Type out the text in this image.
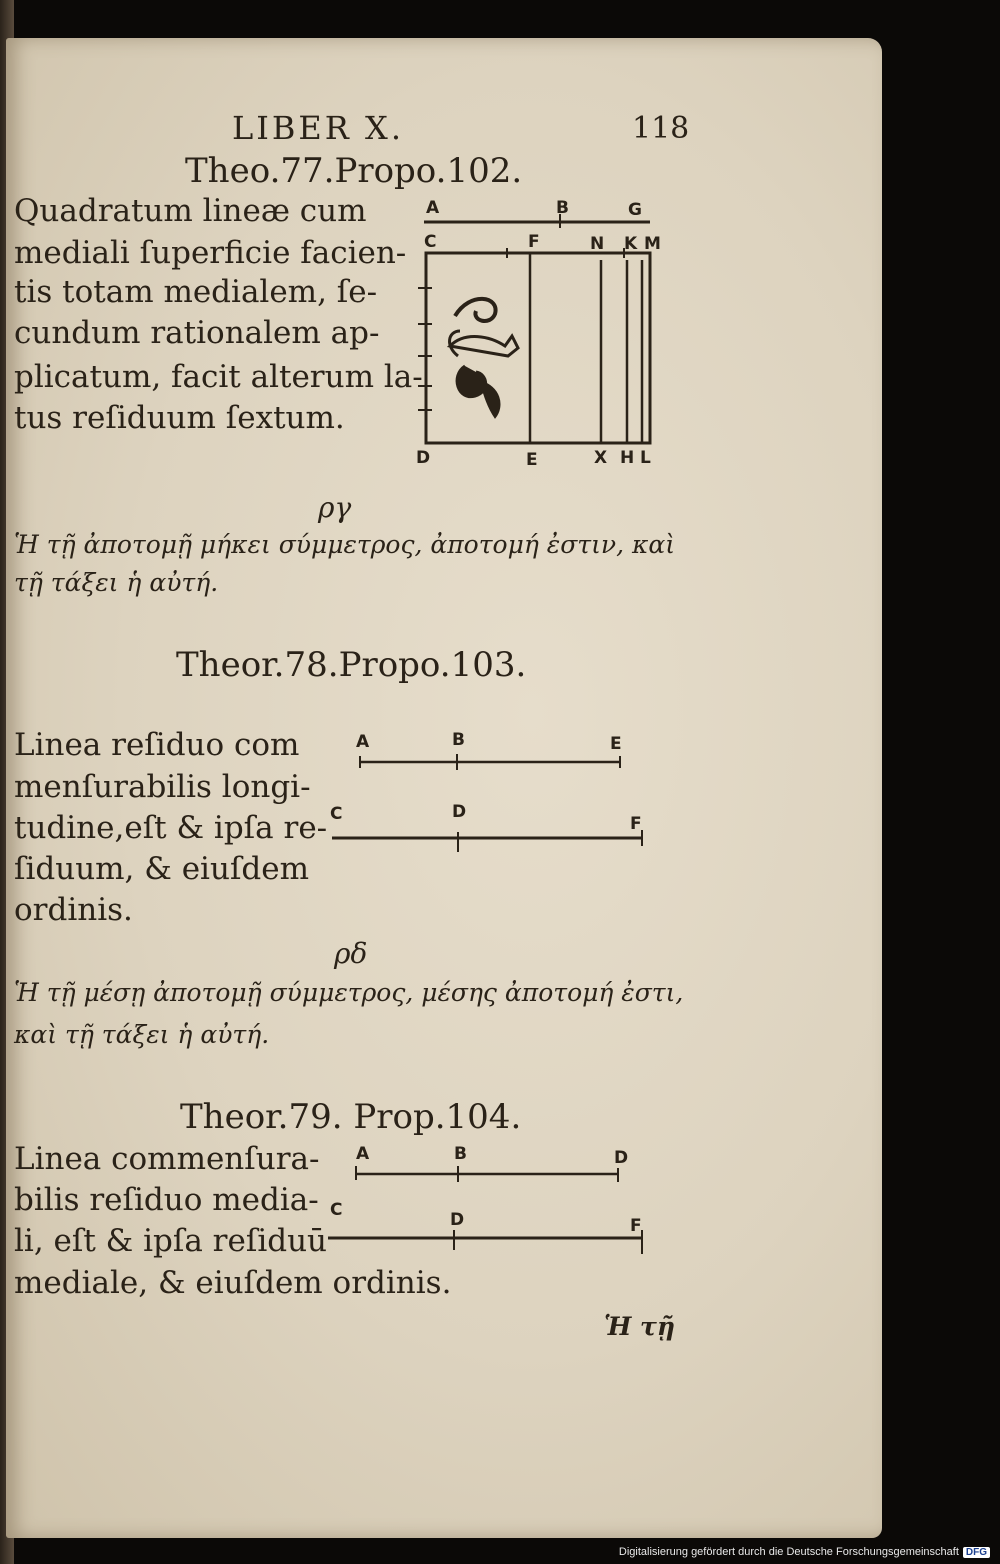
LIBER X.	118
Theo.77.Propo.102.
Quadratum lineæ cum
mediali ſuperficie facien-
tis totam medialem, ſe-
cundum rationalem ap-
plicatum, facit alterum la-
tus reſiduum ſextum.
A	B	G
C	F	N K M
D	E	X H L
ργ
Ἡ τῇ ἀποτομῇ μήκει σύμμετρος, ἀποτομή ἐστιν, καὶ
τῇ τάξει ἡ αὐτή.
Theor.78.Propo.103.
Linea reſiduo com
menſurabilis longi-
tudine,eſt & ipſa re-
ſiduum, & eiuſdem
ordinis.
A	B	E
C	D
F
ρδ
Ἡ τῇ μέσῃ ἀποτομῇ σύμμετρος, μέσης ἀποτομή ἐστι,
καὶ τῇ τάξει ἡ αὐτή.
Theor.79. Prop.104.
Linea commenſura-
bilis reſiduo media-
li, eſt & ipſa reſiduū
mediale, & eiuſdem ordinis.
A	B	D
C	D	F
Ἡ τῇ
Digitalisierung gefördert durch die Deutsche Forschungsgemeinschaft DFG
